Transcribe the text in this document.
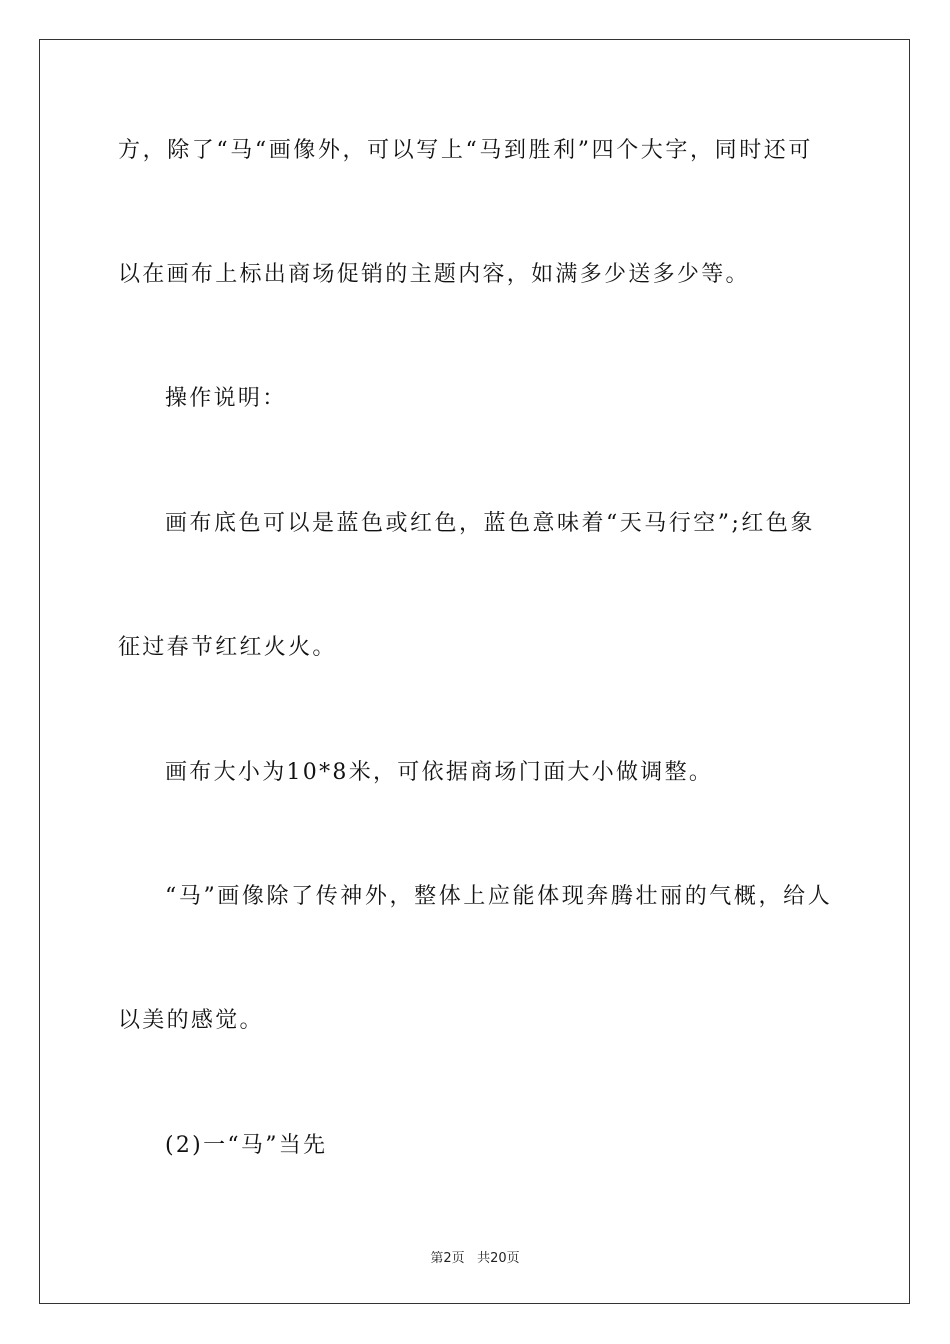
方，除了“马“画像外，可以写上“马到胜利”四个大字，同时还可
以在画布上标出商场促销的主题内容，如满多少送多少等。
操作说明：
画布底色可以是蓝色或红色，蓝色意味着“天马行空”;红色象
征过春节红红火火。
画布大小为10*8米，可依据商场门面大小做调整。
“马”画像除了传神外，整体上应能体现奔腾壮丽的气概，给人
以美的感觉。
(2)一“马”当先
第2页 共20页
